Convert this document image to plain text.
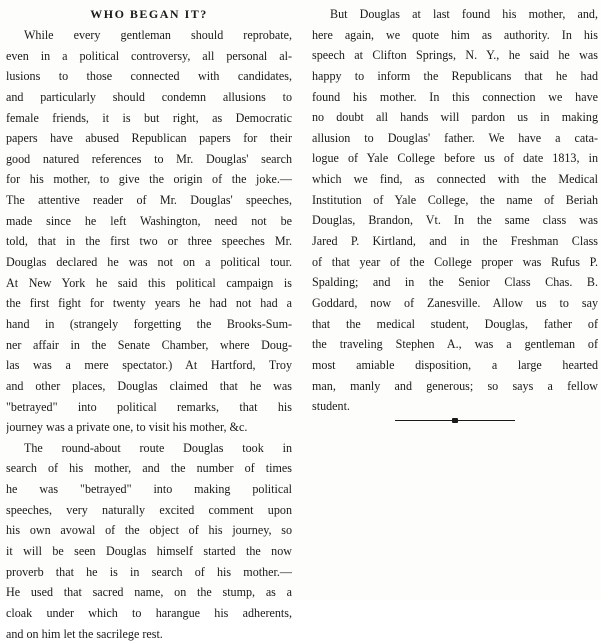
WHO BEGAN IT?
While every gentleman should reprobate,
even in a political controversy, all personal al-
lusions to those connected with candidates,
and particularly should condemn allusions to
female friends, it is but right, as Democratic
papers have abused Republican papers for their
good natured references to Mr. Douglas' search
for his mother, to give the origin of the joke.—
The attentive reader of Mr. Douglas' speeches,
made since he left Washington, need not be
told, that in the first two or three speeches Mr.
Douglas declared he was not on a political tour.
At New York he said this political campaign is
the first fight for twenty years he had not had a
hand in (strangely forgetting the Brooks-Sum-
ner affair in the Senate Chamber, where Doug-
las was a mere spectator.) At Hartford, Troy
and other places, Douglas claimed that he was
"betrayed" into political remarks, that his
journey was a private one, to visit his mother, &c.
The round-about route Douglas took in
search of his mother, and the number of times
he was "betrayed" into making political
speeches, very naturally excited comment upon
his own avowal of the object of his journey, so
it will be seen Douglas himself started the now
proverb that he is in search of his mother.—
He used that sacred name, on the stump, as a
cloak under which to harangue his adherents,
and on him let the sacrilege rest.
But Douglas at last found his mother, and,
here again, we quote him as authority. In his
speech at Clifton Springs, N. Y., he said he was
happy to inform the Republicans that he had
found his mother. In this connection we have
no doubt all hands will pardon us in making
allusion to Douglas' father. We have a cata-
logue of Yale College before us of date 1813, in
which we find, as connected with the Medical
Institution of Yale College, the name of Beriah
Douglas, Brandon, Vt. In the same class was
Jared P. Kirtland, and in the Freshman Class
of that year of the College proper was Rufus P.
Spalding; and in the Senior Class Chas. B.
Goddard, now of Zanesville. Allow us to say
that the medical student, Douglas, father of
the traveling Stephen A., was a gentleman of
most amiable disposition, a large hearted
man, manly and generous; so says a fellow
student.
